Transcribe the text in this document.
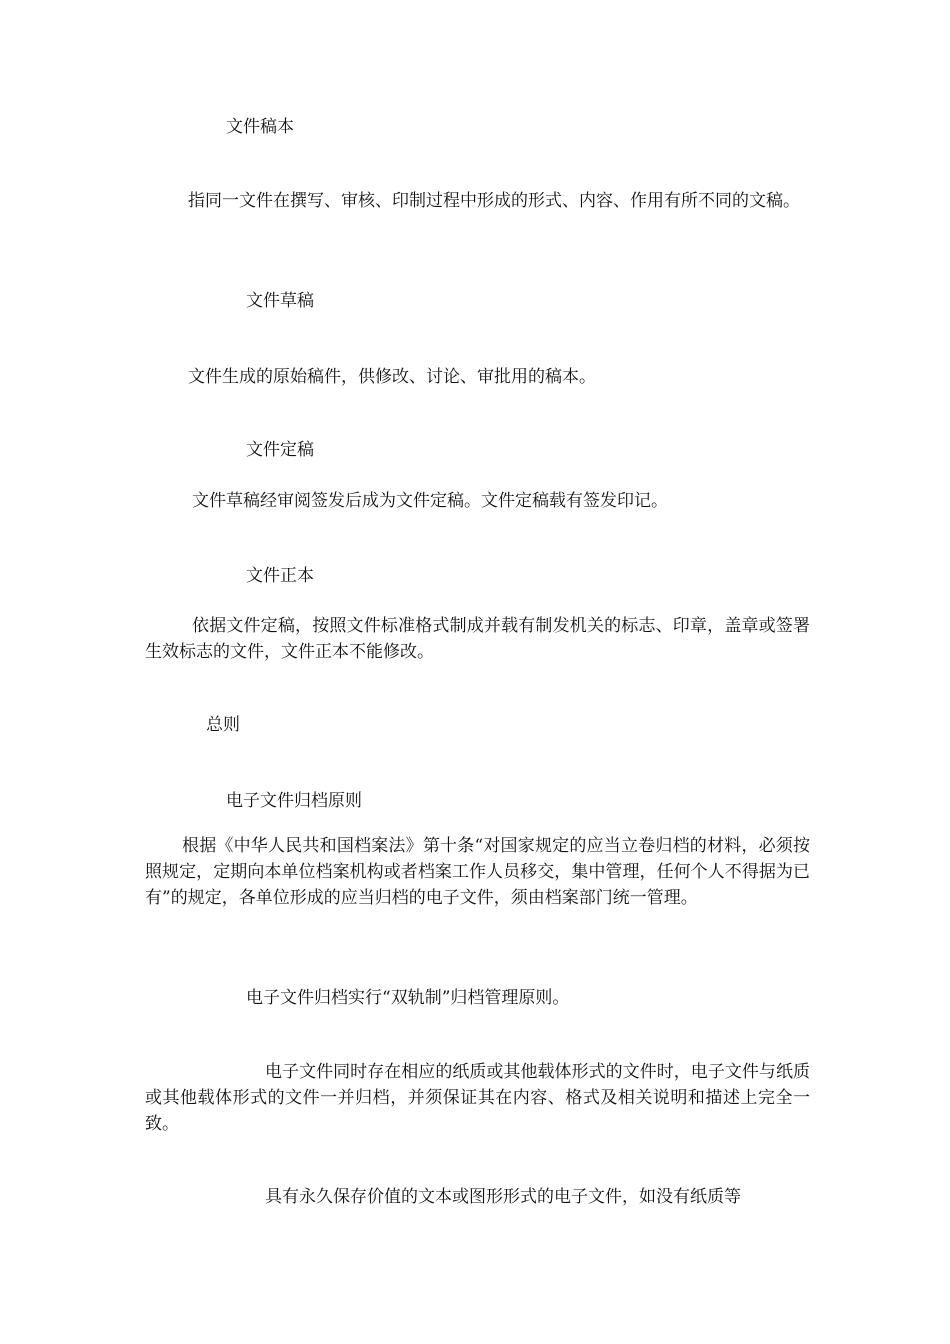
文件稿本
指同一文件在撰写、审核、印制过程中形成的形式、内容、作用有所不同的文稿。
文件草稿
文件生成的原始稿件，供修改、讨论、审批用的稿本。
文件定稿
文件草稿经审阅签发后成为文件定稿。文件定稿载有签发印记。
文件正本
依据文件定稿，按照文件标准格式制成并载有制发机关的标志、印章，盖章或签署生效标志的文件，文件正本不能修改。
总则
电子文件归档原则
根据《中华人民共和国档案法》第十条“对国家规定的应当立卷归档的材料，必须按照规定，定期向本单位档案机构或者档案工作人员移交，集中管理，任何个人不得据为已有”的规定，各单位形成的应当归档的电子文件，须由档案部门统一管理。
电子文件归档实行“双轨制”归档管理原则。
电子文件同时存在相应的纸质或其他载体形式的文件时，电子文件与纸质或其他载体形式的文件一并归档，并须保证其在内容、格式及相关说明和描述上完全一致。
具有永久保存价值的文本或图形形式的电子文件，如没有纸质等
